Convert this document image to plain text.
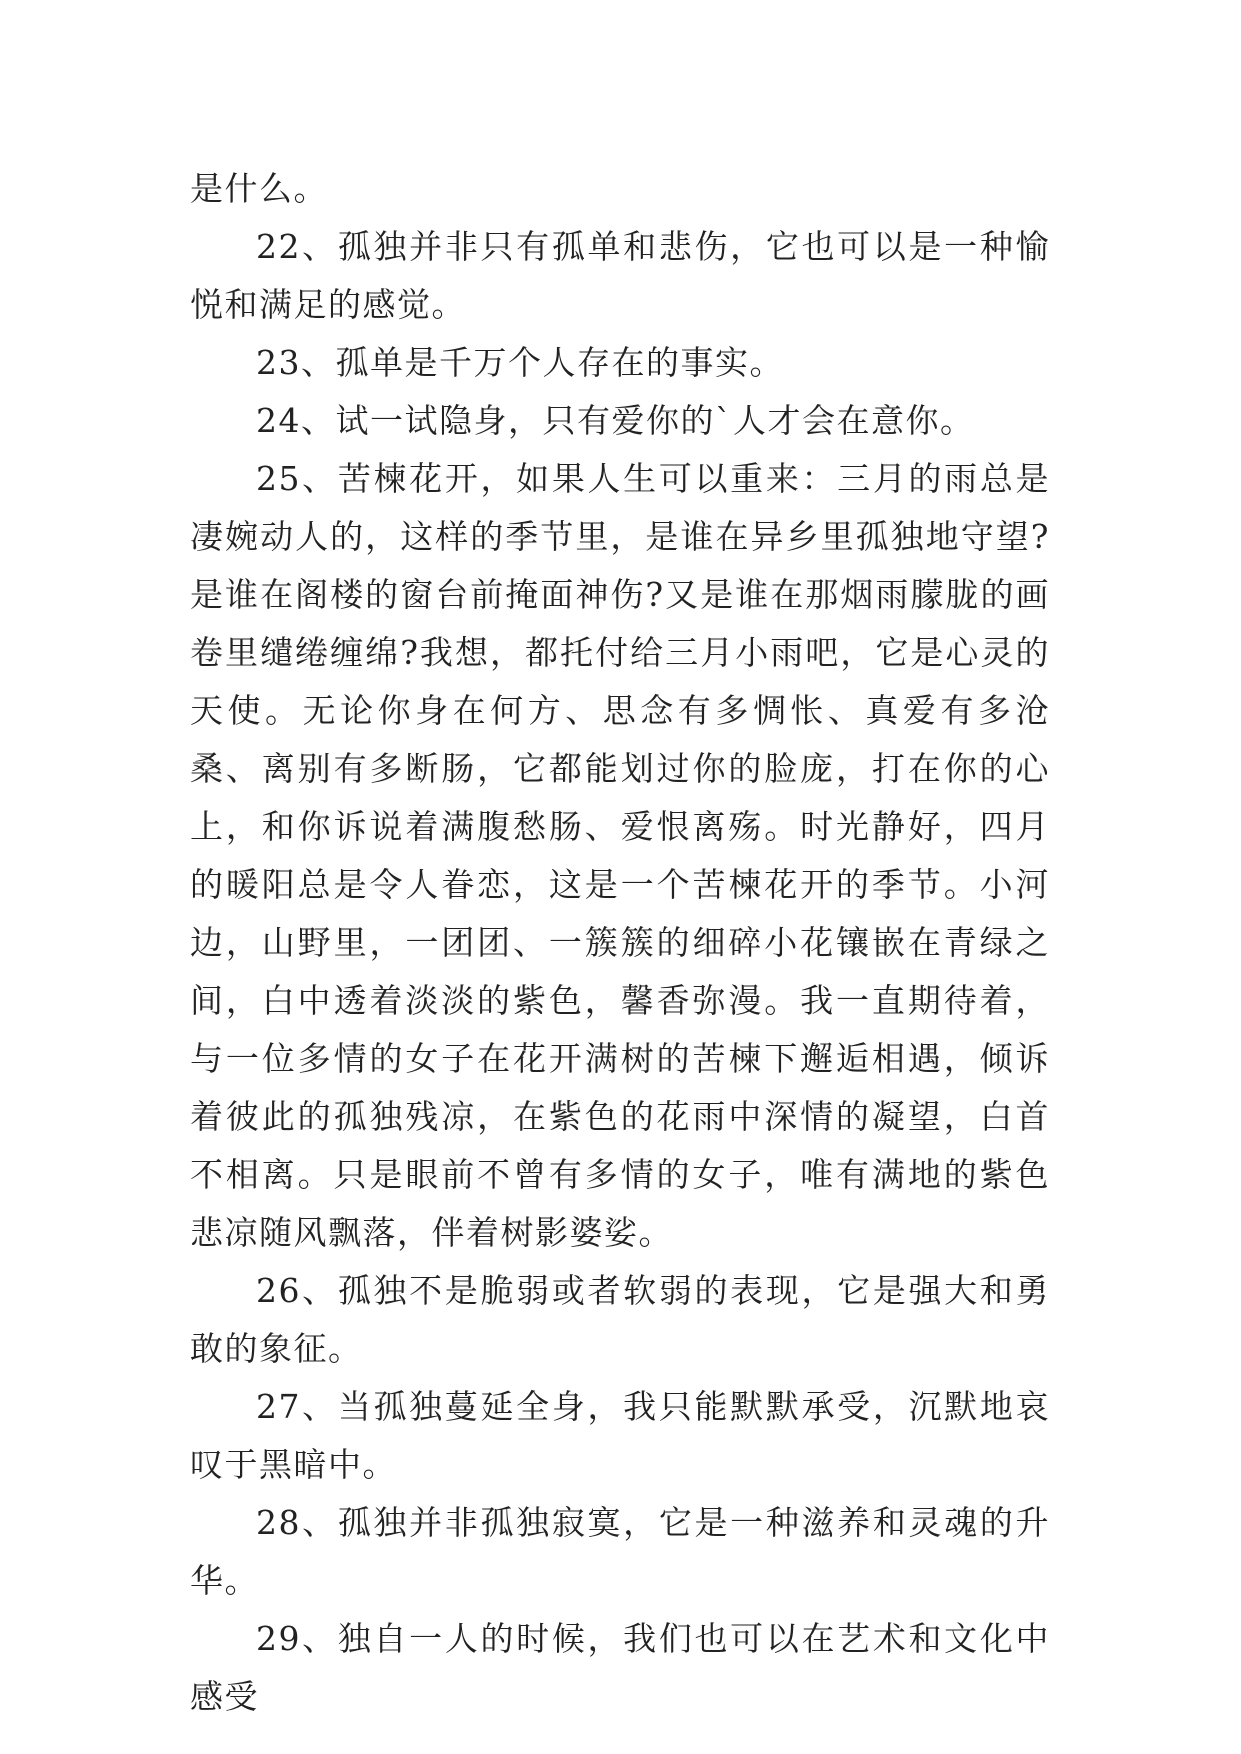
是什么。

22、孤独并非只有孤单和悲伤，它也可以是一种愉悦和满足的感觉。

23、孤单是千万个人存在的事实。

24、试一试隐身，只有爱你的`人才会在意你。

25、苦楝花开，如果人生可以重来：三月的雨总是凄婉动人的，这样的季节里，是谁在异乡里孤独地守望?是谁在阁楼的窗台前掩面神伤?又是谁在那烟雨朦胧的画卷里缱绻缠绵?我想，都托付给三月小雨吧，它是心灵的天使。无论你身在何方、思念有多惆怅、真爱有多沧桑、离别有多断肠，它都能划过你的脸庞，打在你的心上，和你诉说着满腹愁肠、爱恨离殇。时光静好，四月的暖阳总是令人眷恋，这是一个苦楝花开的季节。小河边，山野里，一团团、一簇簇的细碎小花镶嵌在青绿之间，白中透着淡淡的紫色，馨香弥漫。我一直期待着，与一位多情的女子在花开满树的苦楝下邂逅相遇，倾诉着彼此的孤独残凉，在紫色的花雨中深情的凝望，白首不相离。只是眼前不曾有多情的女子，唯有满地的紫色悲凉随风飘落，伴着树影婆娑。

26、孤独不是脆弱或者软弱的表现，它是强大和勇敢的象征。

27、当孤独蔓延全身，我只能默默承受，沉默地哀叹于黑暗中。

28、孤独并非孤独寂寞，它是一种滋养和灵魂的升华。

29、独自一人的时候，我们也可以在艺术和文化中感受
